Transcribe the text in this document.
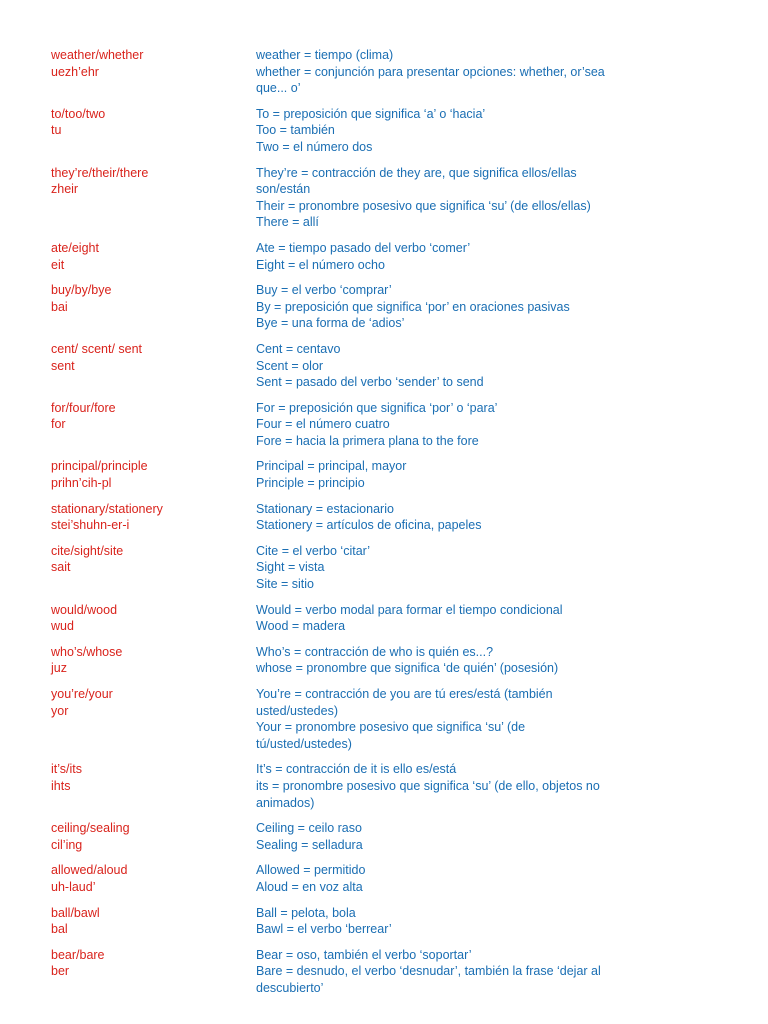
weather/whether
uezh’ehr
weather = tiempo (clima)
whether = conjunción para presentar opciones: whether, or’sea
que... o’
to/too/two
tu
To = preposición que significa ‘a’ o ‘hacia’
Too = también
Two = el número dos
they’re/their/there
zheir
They’re = contracción de they are, que significa ellos/ellas
son/están
Their = pronombre posesivo que significa ‘su’ (de ellos/ellas)
There = allí
ate/eight
eit
Ate = tiempo pasado del verbo ‘comer’
Eight = el número ocho
buy/by/bye
bai
Buy = el verbo ‘comprar’
By = preposición que significa ‘por’ en oraciones pasivas
Bye = una forma de ‘adios’
cent/ scent/ sent
sent
Cent = centavo
Scent = olor
Sent = pasado del verbo ‘sender’ to send
for/four/fore
for
For = preposición que significa ‘por’ o ‘para’
Four = el número cuatro
Fore = hacia la primera plana to the fore
principal/principle
prihn’cih-pl
Principal = principal, mayor
Principle = principio
stationary/stationery
stei’shuhn-er-i
Stationary = estacionario
Stationery = artículos de oficina, papeles
cite/sight/site
sait
Cite = el verbo ‘citar’
Sight = vista
Site = sitio
would/wood
wud
Would = verbo modal para formar el tiempo condicional
Wood = madera
who’s/whose
juz
Who’s = contracción de who is quién es...?
whose = pronombre que significa ‘de quién’ (posesión)
you’re/your
yor
You’re = contracción de you are tú eres/está (también
usted/ustedes)
Your = pronombre posesivo que significa ‘su’ (de
tú/usted/ustedes)
it’s/its
ihts
It’s = contracción de it is ello es/está
its = pronombre posesivo que significa ‘su’ (de ello, objetos no
animados)
ceiling/sealing
cil’ing
Ceiling = ceilo raso
Sealing = selladura
allowed/aloud
uh-laud’
Allowed = permitido
Aloud = en voz alta
ball/bawl
bal
Ball = pelota, bola
Bawl = el verbo ‘berrear’
bear/bare
ber
Bear = oso, también el verbo ‘soportar’
Bare = desnudo, el verbo ‘desnudar’, también la frase ‘dejar al
descubierto’
